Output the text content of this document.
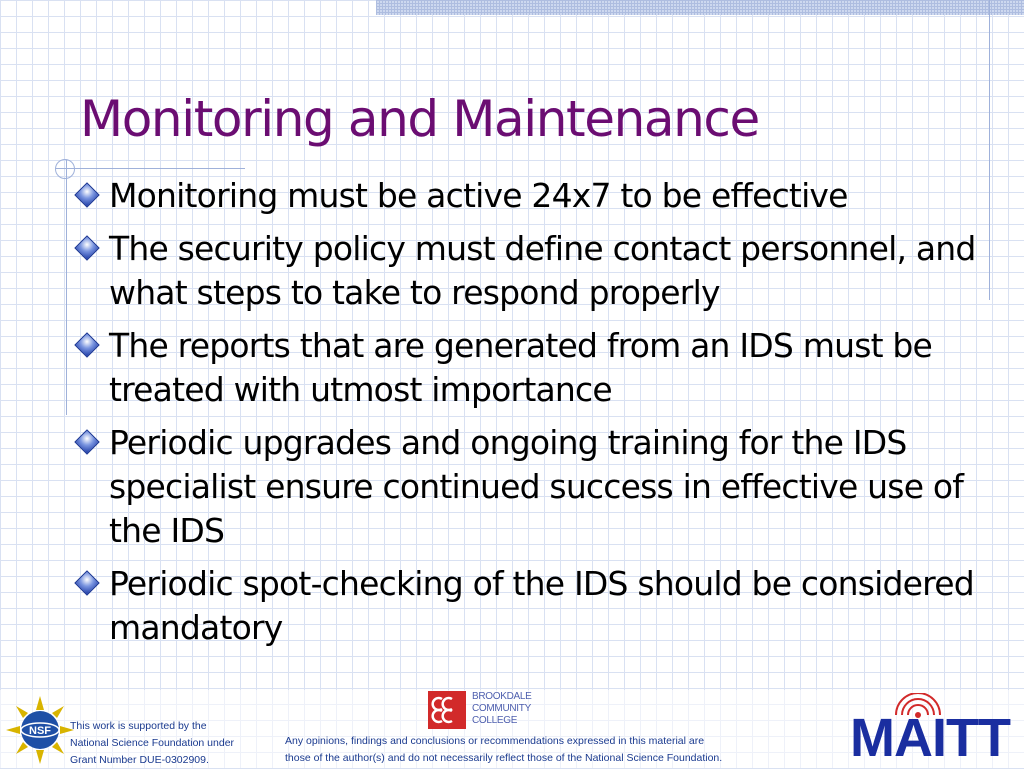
Monitoring and Maintenance
Monitoring must be active 24x7 to be effective
The security policy must define contact personnel, and what steps to take to respond properly
The reports that are generated from an IDS must be treated with utmost importance
Periodic upgrades and ongoing training for the IDS specialist ensure continued success in effective use of the IDS
Periodic spot-checking of the IDS should be considered mandatory
NSF This work is supported by the
National Science Foundation under
Grant Number DUE-0302909.

BROOKDALE
COMMUNITY
COLLEGE

Any opinions, findings and conclusions or recommendations expressed in this material are
those of the author(s) and do not necessarily reflect those of the National Science Foundation.	MAITT
